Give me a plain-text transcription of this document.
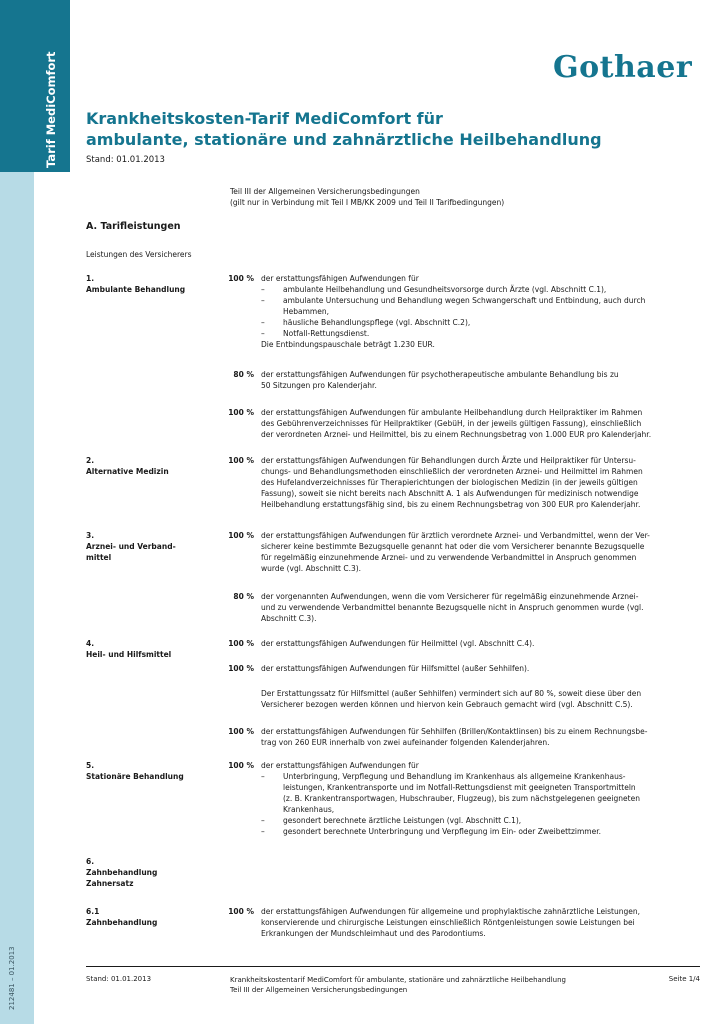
Tarif MediComfort
212481 – 01.2013
Gothaer
Krankheitskosten-Tarif MediComfort für
ambulante, stationäre und zahnärztliche Heilbehandlung
Stand: 01.01.2013
Teil III der Allgemeinen Versicherungsbedingungen
(gilt nur in Verbindung mit Teil I MB/KK 2009 und Teil II Tarifbedingungen)
A. Tarifleistungen
Leistungen des Versicherers
1.
Ambulante Behandlung
100 % der erstattungsfähigen Aufwendungen für
–	ambulante Heilbehandlung und Gesundheitsvorsorge durch Ärzte (vgl. Abschnitt C.1),
–	ambulante Untersuchung und Behandlung wegen Schwangerschaft und Entbindung, auch durch
Hebammen,
–	häusliche Behandlungspflege (vgl. Abschnitt C.2),
–	Notfall-Rettungsdienst.
Die Entbindungspauschale beträgt 1.230 EUR.
80 % der erstattungsfähigen Aufwendungen für psychotherapeutische ambulante Behandlung bis zu
50 Sitzungen pro Kalenderjahr.
100 % der erstattungsfähigen Aufwendungen für ambulante Heilbehandlung durch Heilpraktiker im Rahmen
des Gebührenverzeichnisses für Heilpraktiker (GebüH, in der jeweils gültigen Fassung), einschließlich
der verordneten Arznei- und Heilmittel, bis zu einem Rechnungsbetrag von 1.000 EUR pro Kalenderjahr.
2.
Alternative Medizin
100 % der erstattungsfähigen Aufwendungen für Behandlungen durch Ärzte und Heilpraktiker für Untersu-
chungs- und Behandlungsmethoden einschließlich der verordneten Arznei- und Heilmittel im Rahmen
des Hufelandverzeichnisses für Therapierichtungen der biologischen Medizin (in der jeweils gültigen
Fassung), soweit sie nicht bereits nach Abschnitt A. 1 als Aufwendungen für medizinisch notwendige
Heilbehandlung erstattungsfähig sind, bis zu einem Rechnungsbetrag von 300 EUR pro Kalenderjahr.
3.
Arznei- und Verband-
mittel
100 % der erstattungsfähigen Aufwendungen für ärztlich verordnete Arznei- und Verbandmittel, wenn der Ver-
sicherer keine bestimmte Bezugsquelle genannt hat oder die vom Versicherer benannte Bezugsquelle
für regelmäßig einzunehmende Arznei- und zu verwendende Verbandmittel in Anspruch genommen
wurde (vgl. Abschnitt C.3).
80 % der vorgenannten Aufwendungen, wenn die vom Versicherer für regelmäßig einzunehmende Arznei-
und zu verwendende Verbandmittel benannte Bezugsquelle nicht in Anspruch genommen wurde (vgl.
Abschnitt C.3).
4.
Heil- und Hilfsmittel
100 % der erstattungsfähigen Aufwendungen für Heilmittel (vgl. Abschnitt C.4).
100 % der erstattungsfähigen Aufwendungen für Hilfsmittel (außer Sehhilfen).
Der Erstattungssatz für Hilfsmittel (außer Sehhilfen) vermindert sich auf 80 %, soweit diese über den
Versicherer bezogen werden können und hiervon kein Gebrauch gemacht wird (vgl. Abschnitt C.5).
100 % der erstattungsfähigen Aufwendungen für Sehhilfen (Brillen/Kontaktlinsen) bis zu einem Rechnungsbe-
trag von 260 EUR innerhalb von zwei aufeinander folgenden Kalenderjahren.
5.
Stationäre Behandlung
100 % der erstattungsfähigen Aufwendungen für
–	Unterbringung, Verpflegung und Behandlung im Krankenhaus als allgemeine Krankenhaus-
leistungen, Krankentransporte und im Notfall-Rettungsdienst mit geeigneten Transportmitteln
(z. B. Krankentransportwagen, Hubschrauber, Flugzeug), bis zum nächstgelegenen geeigneten
Krankenhaus,
–	gesondert berechnete ärztliche Leistungen (vgl. Abschnitt C.1),
–	gesondert berechnete Unterbringung und Verpflegung im Ein- oder Zweibettzimmer.
6.
Zahnbehandlung
Zahnersatz
6.1
Zahnbehandlung
100 % der erstattungsfähigen Aufwendungen für allgemeine und prophylaktische zahnärztliche Leistungen,
konservierende und chirurgische Leistungen einschließlich Röntgenleistungen sowie Leistungen bei
Erkrankungen der Mundschleimhaut und des Parodontiums.
Stand: 01.01.2013	Krankheitskostentarif MediComfort für ambulante, stationäre und zahnärztliche Heilbehandlung
Teil III der Allgemeinen Versicherungsbedingungen
Seite 1/4
